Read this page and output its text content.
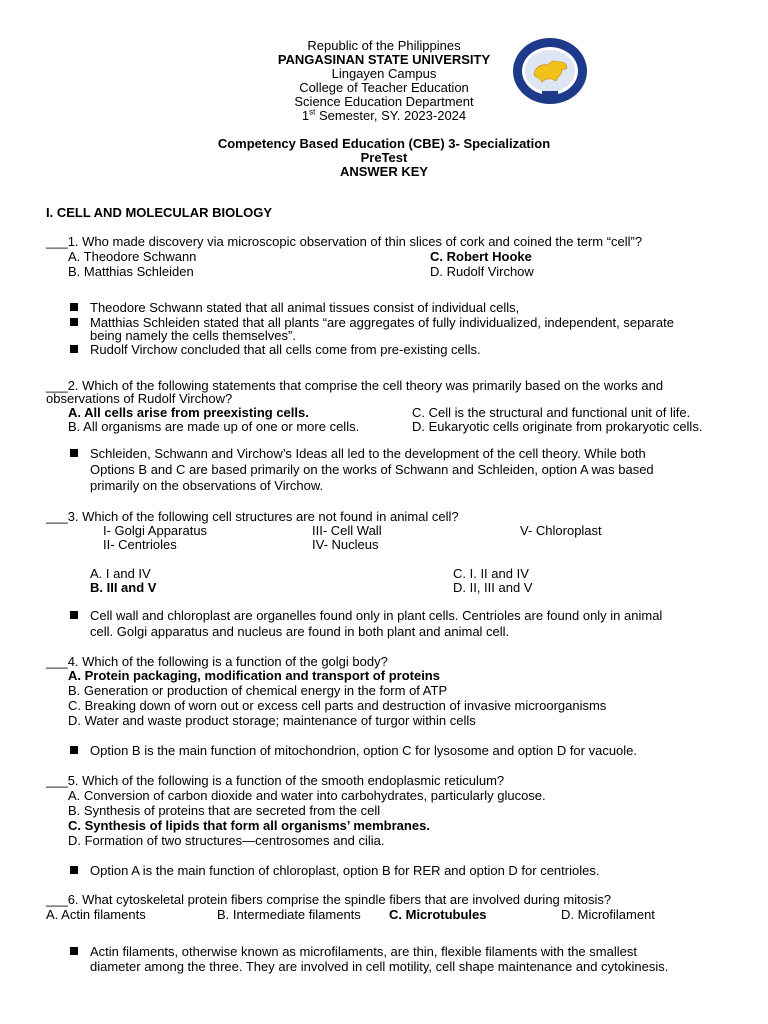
Republic of the Philippines
PANGASINAN STATE UNIVERSITY
Lingayen Campus
College of Teacher Education
Science Education Department
1st Semester, SY. 2023-2024
Competency Based Education (CBE) 3- Specialization
PreTest
ANSWER KEY
I. CELL AND MOLECULAR BIOLOGY
___1. Who made discovery via microscopic observation of thin slices of cork and coined the term “cell”?
A. Theodore Schwann	C. Robert Hooke
B. Matthias Schleiden	D. Rudolf Virchow
Theodore Schwann stated that all animal tissues consist of individual cells,
Matthias Schleiden stated that all plants “are aggregates of fully individualized, independent, separate
being namely the cells themselves”.
Rudolf Virchow concluded that all cells come from pre-existing cells.
___2. Which of the following statements that comprise the cell theory was primarily based on the works and
observations of Rudolf Virchow?
A. All cells arise from preexisting cells.	C. Cell is the structural and functional unit of life.
B. All organisms are made up of one or more cells.	D. Eukaryotic cells originate from prokaryotic cells.
Schleiden, Schwann and Virchow’s Ideas all led to the development of the cell theory. While both
Options B and C are based primarily on the works of Schwann and Schleiden, option A was based
primarily on the observations of Virchow.
___3. Which of the following cell structures are not found in animal cell?
I- Golgi Apparatus	III- Cell Wall	V- Chloroplast
II- Centrioles	IV- Nucleus
A. I and IV	C. I. II and IV
B. III and V	D. II, III and V
Cell wall and chloroplast are organelles found only in plant cells. Centrioles are found only in animal
cell. Golgi apparatus and nucleus are found in both plant and animal cell.
___4. Which of the following is a function of the golgi body?
A. Protein packaging, modification and transport of proteins
B. Generation or production of chemical energy in the form of ATP
C. Breaking down of worn out or excess cell parts and destruction of invasive microorganisms
D. Water and waste product storage; maintenance of turgor within cells
Option B is the main function of mitochondrion, option C for lysosome and option D for vacuole.
___5. Which of the following is a function of the smooth endoplasmic reticulum?
A. Conversion of carbon dioxide and water into carbohydrates, particularly glucose.
B. Synthesis of proteins that are secreted from the cell
C. Synthesis of lipids that form all organisms’ membranes.
D. Formation of two structures—centrosomes and cilia.
Option A is the main function of chloroplast, option B for RER and option D for centrioles.
___6. What cytoskeletal protein fibers comprise the spindle fibers that are involved during mitosis?
A. Actin filaments	B. Intermediate filaments C. Microtubules	D. Microfilament
Actin filaments, otherwise known as microfilaments, are thin, flexible filaments with the smallest
diameter among the three. They are involved in cell motility, cell shape maintenance and cytokinesis.
